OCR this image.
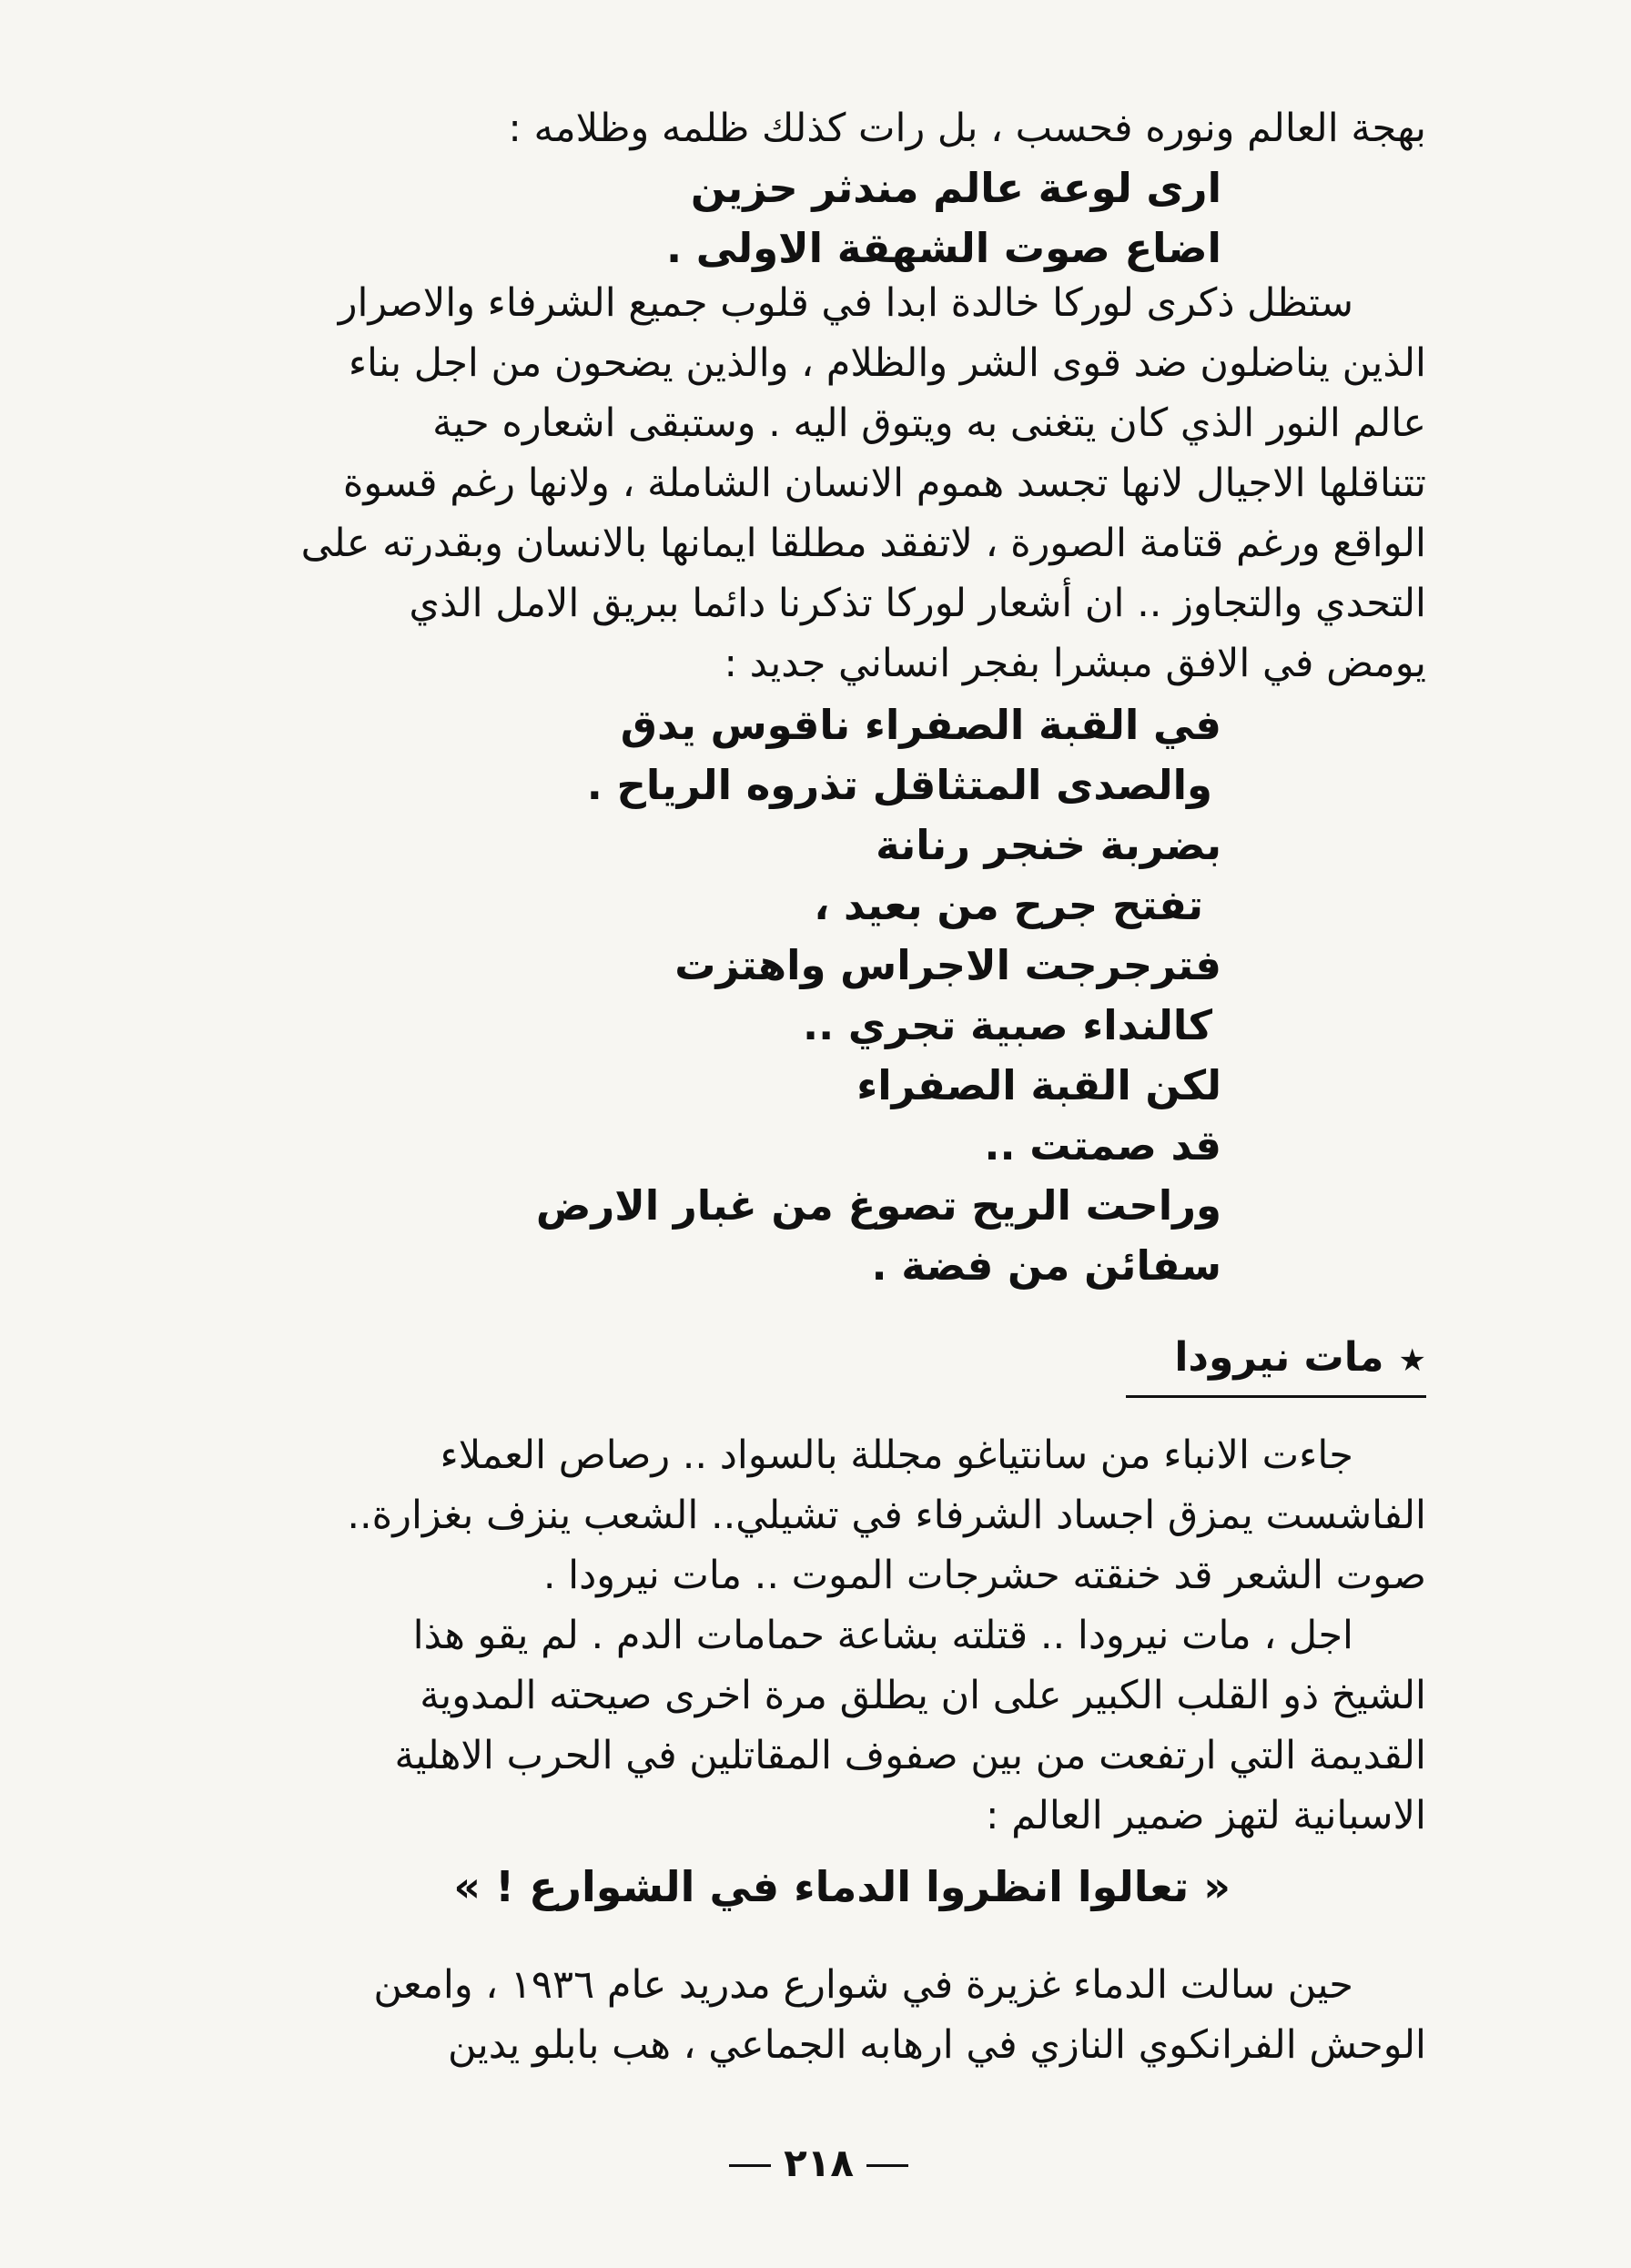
بهجة العالم ونوره فحسب ، بل رات كذلك ظلمه وظلامه :
ارى لوعة عالم مندثر حزين
اضاع صوت الشهقة الاولى .
ستظل ذكرى لوركا خالدة ابدا في قلوب جميع الشرفاء والاصرار
الذين يناضلون ضد قوى الشر والظلام ، والذين يضحون من اجل بناء
عالم النور الذي كان يتغنى به ويتوق اليه . وستبقى اشعاره حية
تتناقلها الاجيال لانها تجسد هموم الانسان الشاملة ، ولانها رغم قسوة
الواقع ورغم قتامة الصورة ، لاتفقد مطلقا ايمانها بالانسان وبقدرته على
التحدي والتجاوز .. ان أشعار لوركا تذكرنا دائما ببريق الامل الذي
يومض في الافق مبشرا بفجر انساني جديد :
في القبة الصفراء ناقوس يدق
والصدى المتثاقل تذروه الرياح .
بضربة خنجر رنانة
تفتح جرح من بعيد ،
فترجرجت الاجراس واهتزت
كالنداء صبية تجري ..
لكن القبة الصفراء
قد صمتت ..
وراحت الريح تصوغ من غبار الارض
سفائن من فضة .
★مات نيرودا
جاءت الانباء من سانتياغو مجللة بالسواد .. رصاص العملاء
الفاشست يمزق اجساد الشرفاء في تشيلي.. الشعب ينزف بغزارة..
صوت الشعر قد خنقته حشرجات الموت .. مات نيرودا .
اجل ، مات نيرودا .. قتلته بشاعة حمامات الدم . لم يقو هذا
الشيخ ذو القلب الكبير على ان يطلق مرة اخرى صيحته المدوية
القديمة التي ارتفعت من بين صفوف المقاتلين في الحرب الاهلية
الاسبانية لتهز ضمير العالم :
« تعالوا انظروا الدماء في الشوارع ! »
حين سالت الدماء غزيرة في شوارع مدريد عام ١٩٣٦ ، وامعن
الوحش الفرانكوي النازي في ارهابه الجماعي ، هب بابلو يدين
٢١٨
